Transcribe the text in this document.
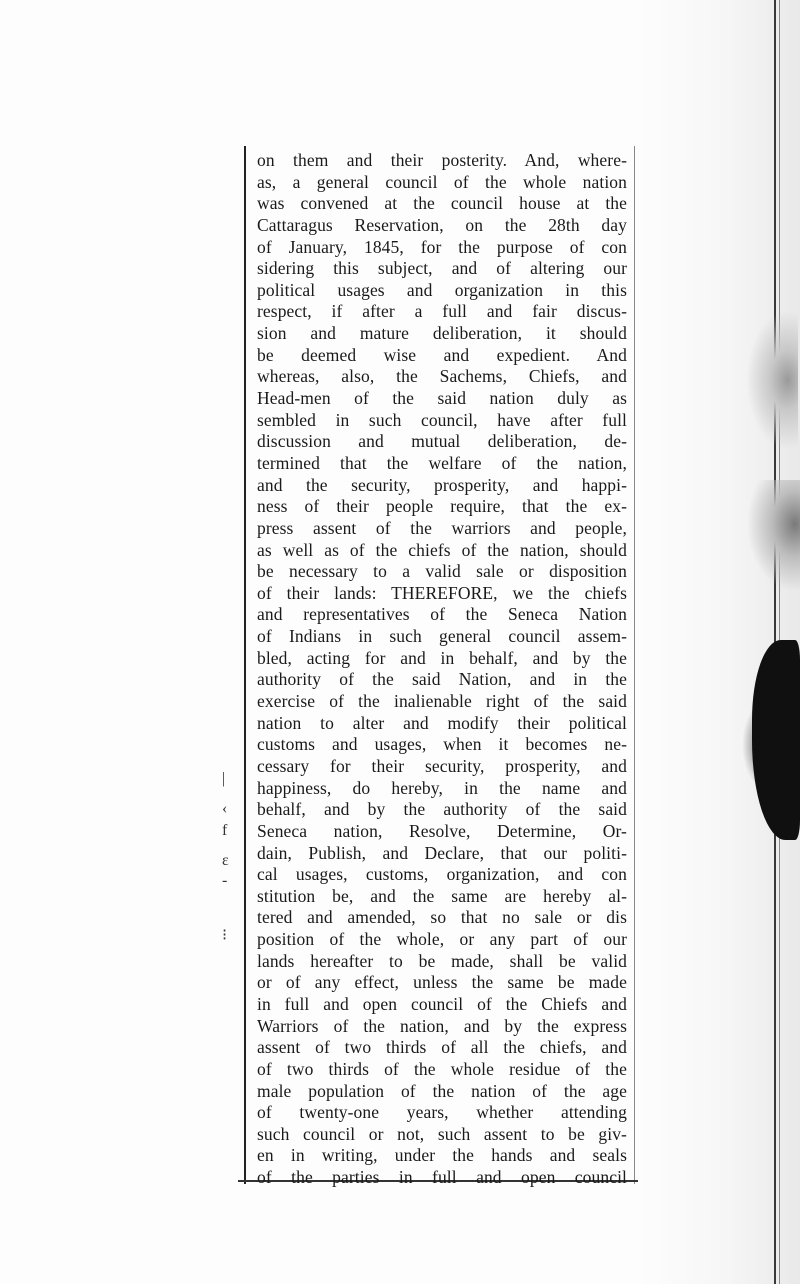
on them and their posterity. And, where-
as, a general council of the whole nation
was convened at the council house at the
Cattaragus Reservation, on the 28th day
of January, 1845, for the purpose of con
sidering this subject, and of altering our
political usages and organization in this
respect, if after a full and fair discus-
sion and mature deliberation, it should
be deemed wise and expedient. And
whereas, also, the Sachems, Chiefs, and
Head-men of the said nation duly as
sembled in such council, have after full
discussion and mutual deliberation, de-
termined that the welfare of the nation,
and the security, prosperity, and happi-
ness of their people require, that the ex-
press assent of the warriors and people,
as well as of the chiefs of the nation, should
be necessary to a valid sale or disposition
of their lands: THEREFORE, we the chiefs
and representatives of the Seneca Nation
of Indians in such general council assem-
bled, acting for and in behalf, and by the
authority of the said Nation, and in the
exercise of the inalienable right of the said
nation to alter and modify their political
customs and usages, when it becomes ne-
cessary for their security, prosperity, and
happiness, do hereby, in the name and
behalf, and by the authority of the said
Seneca nation, Resolve, Determine, Or-
dain, Publish, and Declare, that our politi-
cal usages, customs, organization, and con
stitution be, and the same are hereby al-
tered and amended, so that no sale or dis
position of the whole, or any part of our
lands hereafter to be made, shall be valid
or of any effect, unless the same be made
in full and open council of the Chiefs and
Warriors of the nation, and by the express
assent of two thirds of all the chiefs, and
of two thirds of the whole residue of the
male population of the nation of the age
of twenty-one years, whether attending
such council or not, such assent to be giv-
en in writing, under the hands and seals
of the parties in full and open council
|
‹
f
ɛ
-
⁝
